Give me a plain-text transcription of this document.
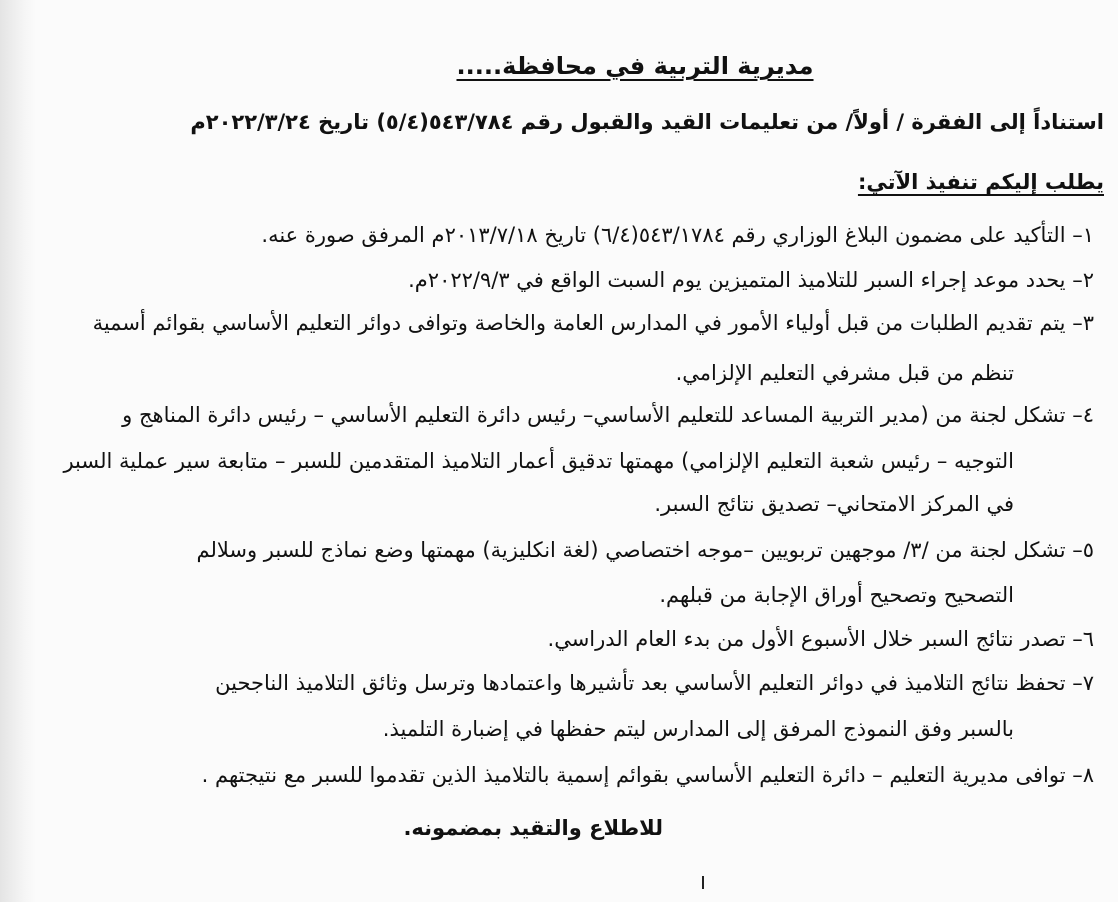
مديرية التربية في محافظة.....
استناداً إلى الفقرة / أولاً/ من تعليمات القيد والقبول رقم ٥٤٣/٧٨٤(٥/٤) تاريخ ٢٠٢٢/٣/٢٤م
يطلب إليكم تنفيذ الآتي:
١– التأكيد على مضمون البلاغ الوزاري رقم ٥٤٣/١٧٨٤(٦/٤) تاريخ ٢٠١٣/٧/١٨م المرفق صورة عنه.
٢– يحدد موعد إجراء السبر للتلاميذ المتميزين يوم السبت الواقع في ٢٠٢٢/٩/٣م.
٣– يتم تقديم الطلبات من قبل أولياء الأمور في المدارس العامة والخاصة وتوافى دوائر التعليم الأساسي بقوائم أسمية
تنظم من قبل مشرفي التعليم الإلزامي.
٤– تشكل لجنة من (مدير التربية المساعد للتعليم الأساسي– رئيس دائرة التعليم الأساسي – رئيس دائرة المناهج و
التوجيه – رئيس شعبة التعليم الإلزامي) مهمتها تدقيق أعمار التلاميذ المتقدمين للسبر – متابعة سير عملية السبر
في المركز الامتحاني– تصديق نتائج السبر.
٥– تشكل لجنة من /٣/ موجهين تربويين –موجه اختصاصي (لغة انكليزية) مهمتها وضع نماذج للسبر وسلالم
التصحيح وتصحيح أوراق الإجابة من قبلهم.
٦– تصدر نتائج السبر خلال الأسبوع الأول من بدء العام الدراسي.
٧– تحفظ نتائج التلاميذ في دوائر التعليم الأساسي بعد تأشيرها واعتمادها وترسل وثائق التلاميذ الناجحين
بالسبر وفق النموذج المرفق إلى المدارس ليتم حفظها في إضبارة التلميذ.
٨– توافى مديرية التعليم – دائرة التعليم الأساسي بقوائم إسمية بالتلاميذ الذين تقدموا للسبر مع نتيجتهم .
للاطلاع والتقيد بمضمونه.
